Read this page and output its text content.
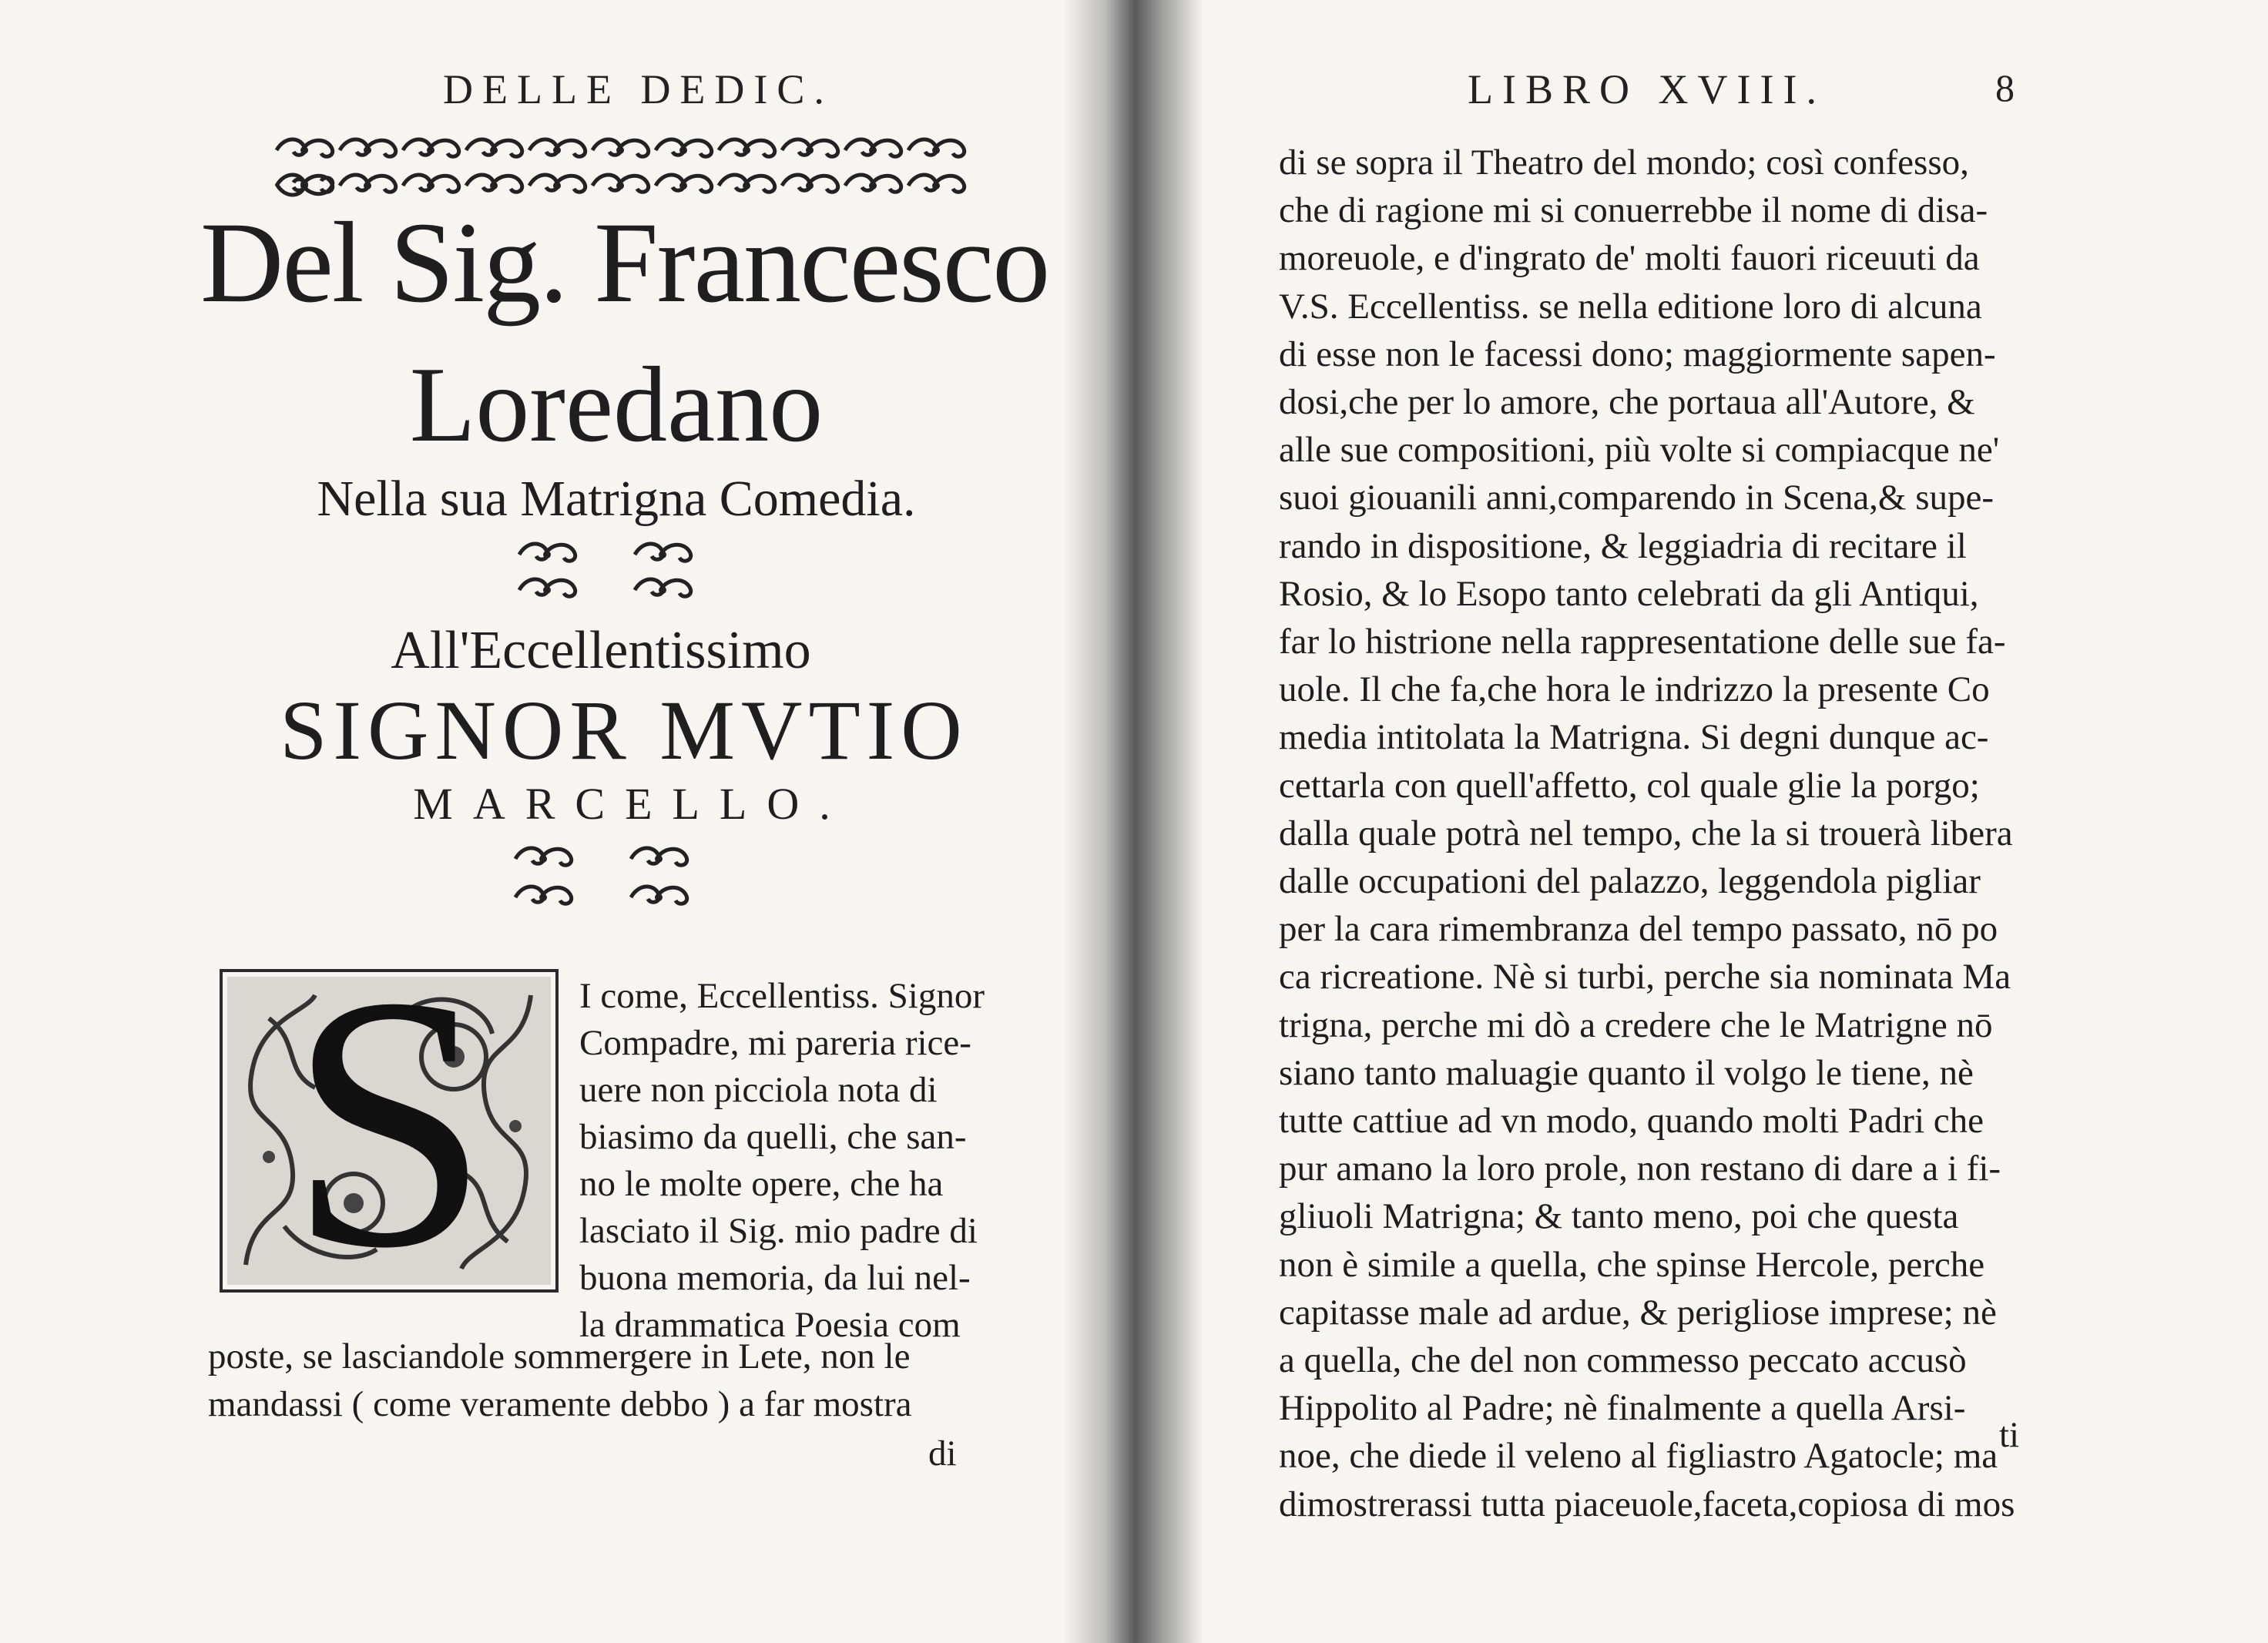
DELLE DEDIC.
Del Sig. Francesco
Loredano
Nella sua Matrigna Comedia.
All'Eccellentissimo
SIGNOR MVTIO
MARCELLO.
S	I come, Eccellentiss. Signor
Compadre, mi pareria rice-
uere non picciola nota di
biasimo da quelli, che san-
no le molte opere, che ha
lasciato il Sig. mio padre di
buona memoria, da lui nel-
la drammatica Poesia com
poste, se lasciandole sommergere in Lete, non le
mandassi ( come veramente debbo ) a far mostra
di
LIBRO XVIII.	8
di se sopra il Theatro del mondo; così confesso,
che di ragione mi si conuerrebbe il nome di disa-
moreuole, e d'ingrato de' molti fauori riceuuti da
V.S. Eccellentiss. se nella editione loro di alcuna
di esse non le facessi dono; maggiormente sapen-
dosi,che per lo amore, che portaua all'Autore, &
alle sue compositioni, più volte si compiacque ne'
suoi giouanili anni,comparendo in Scena,& supe-
rando in dispositione, & leggiadria di recitare il
Rosio, & lo Esopo tanto celebrati da gli Antiqui,
far lo histrione nella rappresentatione delle sue fa-
uole. Il che fa,che hora le indrizzo la presente Co
media intitolata la Matrigna. Si degni dunque ac-
cettarla con quell'affetto, col quale glie la porgo;
dalla quale potrà nel tempo, che la si trouerà libera
dalle occupationi del palazzo, leggendola pigliar
per la cara rimembranza del tempo passato, nō po
ca ricreatione. Nè si turbi, perche sia nominata Ma
trigna, perche mi dò a credere che le Matrigne nō
siano tanto maluagie quanto il volgo le tiene, nè
tutte cattiue ad vn modo, quando molti Padri che
pur amano la loro prole, non restano di dare a i fi-
gliuoli Matrigna; & tanto meno, poi che questa
non è simile a quella, che spinse Hercole, perche
capitasse male ad ardue, & perigliose imprese; nè
a quella, che del non commesso peccato accusò
Hippolito al Padre; nè finalmente a quella Arsi-
noe, che diede il veleno al figliastro Agatocle; ma
dimostrerassi tutta piaceuole,faceta,copiosa di mos
ti
